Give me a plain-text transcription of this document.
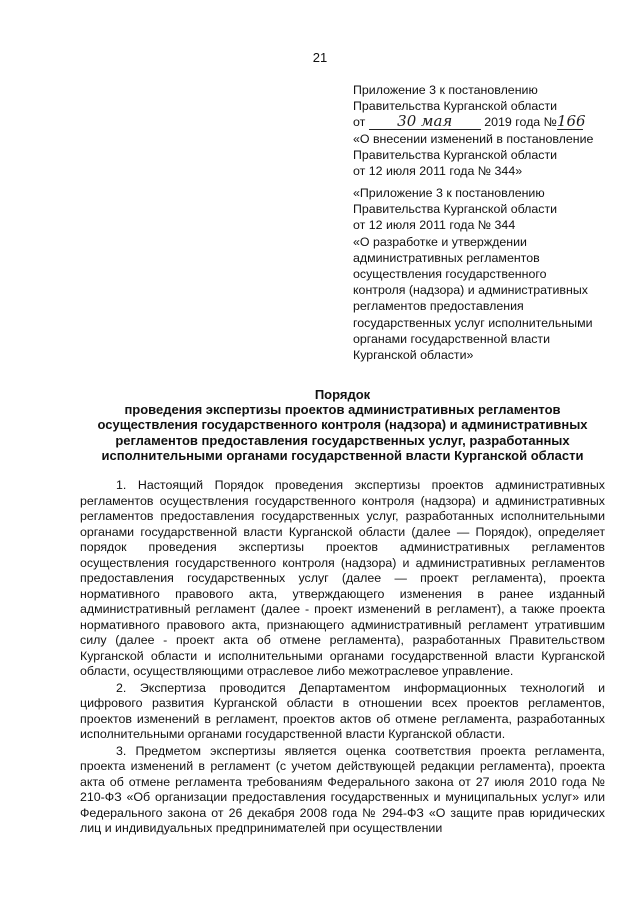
21
Приложение 3 к постановлению
Правительства Курганской области
от 30 мая	2019 года №166
«О внесении изменений в постановление
Правительства Курганской области
от 12 июля 2011 года № 344»
«Приложение 3 к постановлению
Правительства Курганской области
от 12 июля 2011 года № 344
«О разработке и утверждении
административных регламентов
осуществления государственного
контроля (надзора) и административных
регламентов предоставления
государственных услуг исполнительными
органами государственной власти
Курганской области»
Порядок
проведения экспертизы проектов административных регламентов
осуществления государственного контроля (надзора) и административных
регламентов предоставления государственных услуг, разработанных
исполнительными органами государственной власти Курганской области

1. Настоящий Порядок проведения экспертизы проектов административных регламентов осуществления государственного контроля (надзора) и административных регламентов предоставления государственных услуг, разработанных исполнительными органами государственной власти Курганской области (далее — Порядок), определяет порядок проведения экспертизы проектов административных регламентов осуществления государственного контроля (надзора) и административных регламентов предоставления государственных услуг (далее — проект регламента), проекта нормативного правового акта, утверждающего изменения в ранее изданный административный регламент (далее - проект изменений в регламент), а также проекта нормативного правового акта, признающего административный регламент утратившим силу (далее - проект акта об отмене регламента), разработанных Правительством Курганской области и исполнительными органами государственной власти Курганской области, осуществляющими отраслевое либо межотраслевое управление.

2. Экспертиза проводится Департаментом информационных технологий и цифрового развития Курганской области в отношении всех проектов регламентов, проектов изменений в регламент, проектов актов об отмене регламента, разработанных исполнительными органами государственной власти Курганской области.

3. Предметом экспертизы является оценка соответствия проекта регламента, проекта изменений в регламент (с учетом действующей редакции регламента), проекта акта об отмене регламента требованиям Федерального закона от 27 июля 2010 года № 210-ФЗ «Об организации предоставления государственных и муниципальных услуг» или Федерального закона от 26 декабря 2008 года № 294-ФЗ «О защите прав юридических лиц и индивидуальных предпринимателей при осуществлении
